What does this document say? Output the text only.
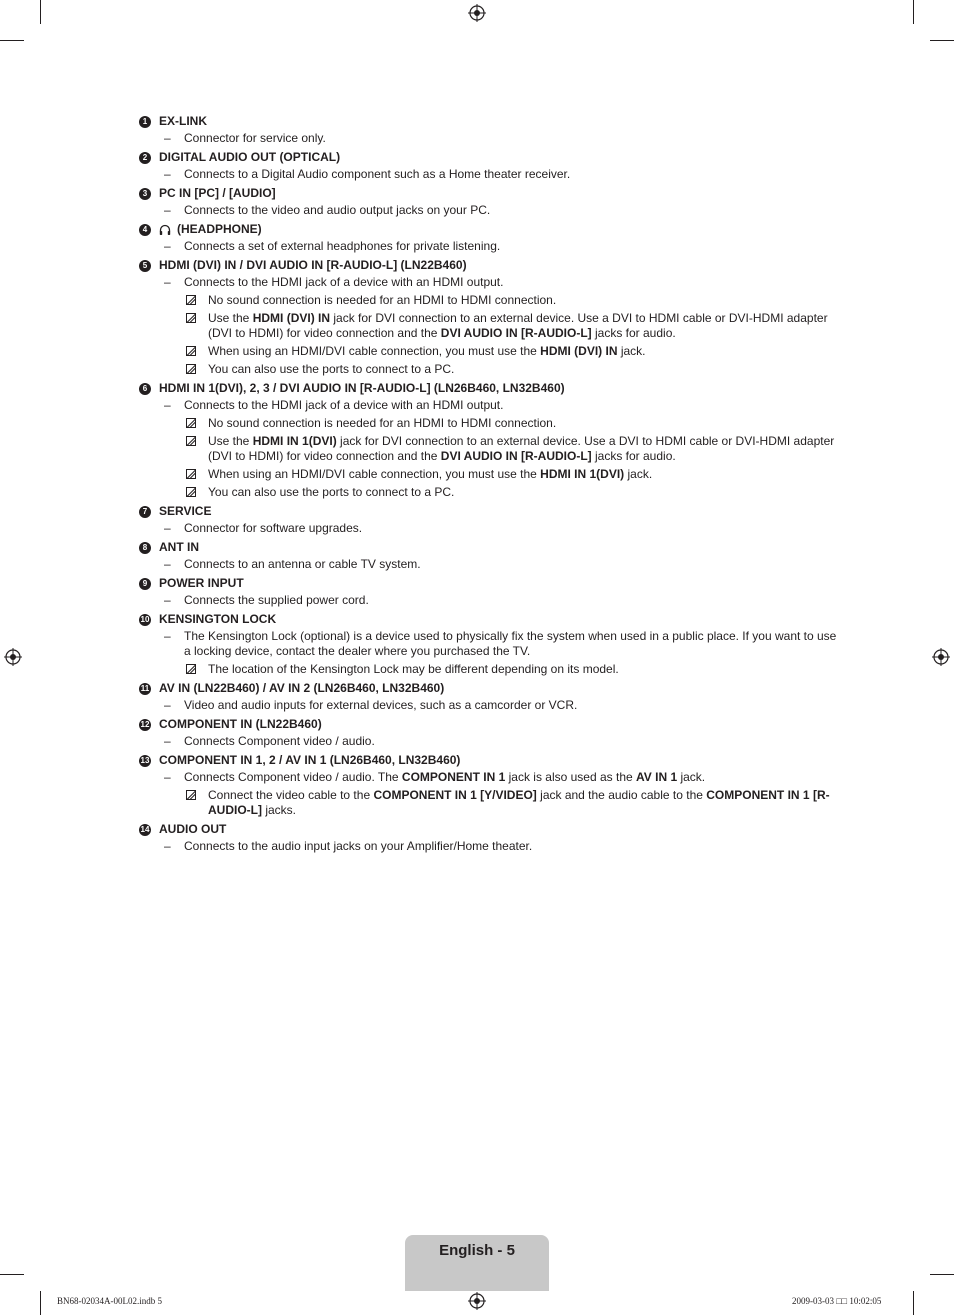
1 EX-LINK
– Connector for service only.
2 DIGITAL AUDIO OUT (OPTICAL)
– Connects to a Digital Audio component such as a Home theater receiver.
3 PC IN [PC] / [AUDIO]
– Connects to the video and audio output jacks on your PC.
4	(HEADPHONE)
– Connects a set of external headphones for private listening.
5 HDMI (DVI) IN / DVI AUDIO IN [R-AUDIO-L] (LN22B460)
– Connects to the HDMI jack of a device with an HDMI output.
No sound connection is needed for an HDMI to HDMI connection.
Use the HDMI (DVI) IN jack for DVI connection to an external device. Use a DVI to HDMI cable or DVI-HDMI adapter (DVI to HDMI) for video connection and the DVI AUDIO IN [R-AUDIO-L] jacks for audio.
When using an HDMI/DVI cable connection, you must use the HDMI (DVI) IN jack.
You can also use the ports to connect to a PC.
6 HDMI IN 1(DVI), 2, 3 / DVI AUDIO IN [R-AUDIO-L] (LN26B460, LN32B460)
– Connects to the HDMI jack of a device with an HDMI output.
No sound connection is needed for an HDMI to HDMI connection.
Use the HDMI IN 1(DVI) jack for DVI connection to an external device. Use a DVI to HDMI cable or DVI-HDMI adapter (DVI to HDMI) for video connection and the DVI AUDIO IN [R-AUDIO-L] jacks for audio.
When using an HDMI/DVI cable connection, you must use the HDMI IN 1(DVI) jack.
You can also use the ports to connect to a PC.
7 SERVICE
– Connector for software upgrades.
8 ANT IN
– Connects to an antenna or cable TV system.
9 POWER INPUT
– Connects the supplied power cord.
10 KENSINGTON LOCK
– The Kensington Lock (optional) is a device used to physically fix the system when used in a public place. If you want to use a locking device, contact the dealer where you purchased the TV.
The location of the Kensington Lock may be different depending on its model.
11 AV IN (LN22B460) / AV IN 2 (LN26B460, LN32B460)
– Video and audio inputs for external devices, such as a camcorder or VCR.
12 COMPONENT IN (LN22B460)
– Connects Component video / audio.
13 COMPONENT IN 1, 2 / AV IN 1 (LN26B460, LN32B460)
– Connects Component video / audio. The COMPONENT IN 1 jack is also used as the AV IN 1 jack.
Connect the video cable to the COMPONENT IN 1 [Y/VIDEO] jack and the audio cable to the COMPONENT IN 1 [R-AUDIO-L] jacks.
14 AUDIO OUT
– Connects to the audio input jacks on your Amplifier/Home theater.
English - 5
BN68-02034A-00L02.indb 5	2009-03-03 □□ 10:02:05
